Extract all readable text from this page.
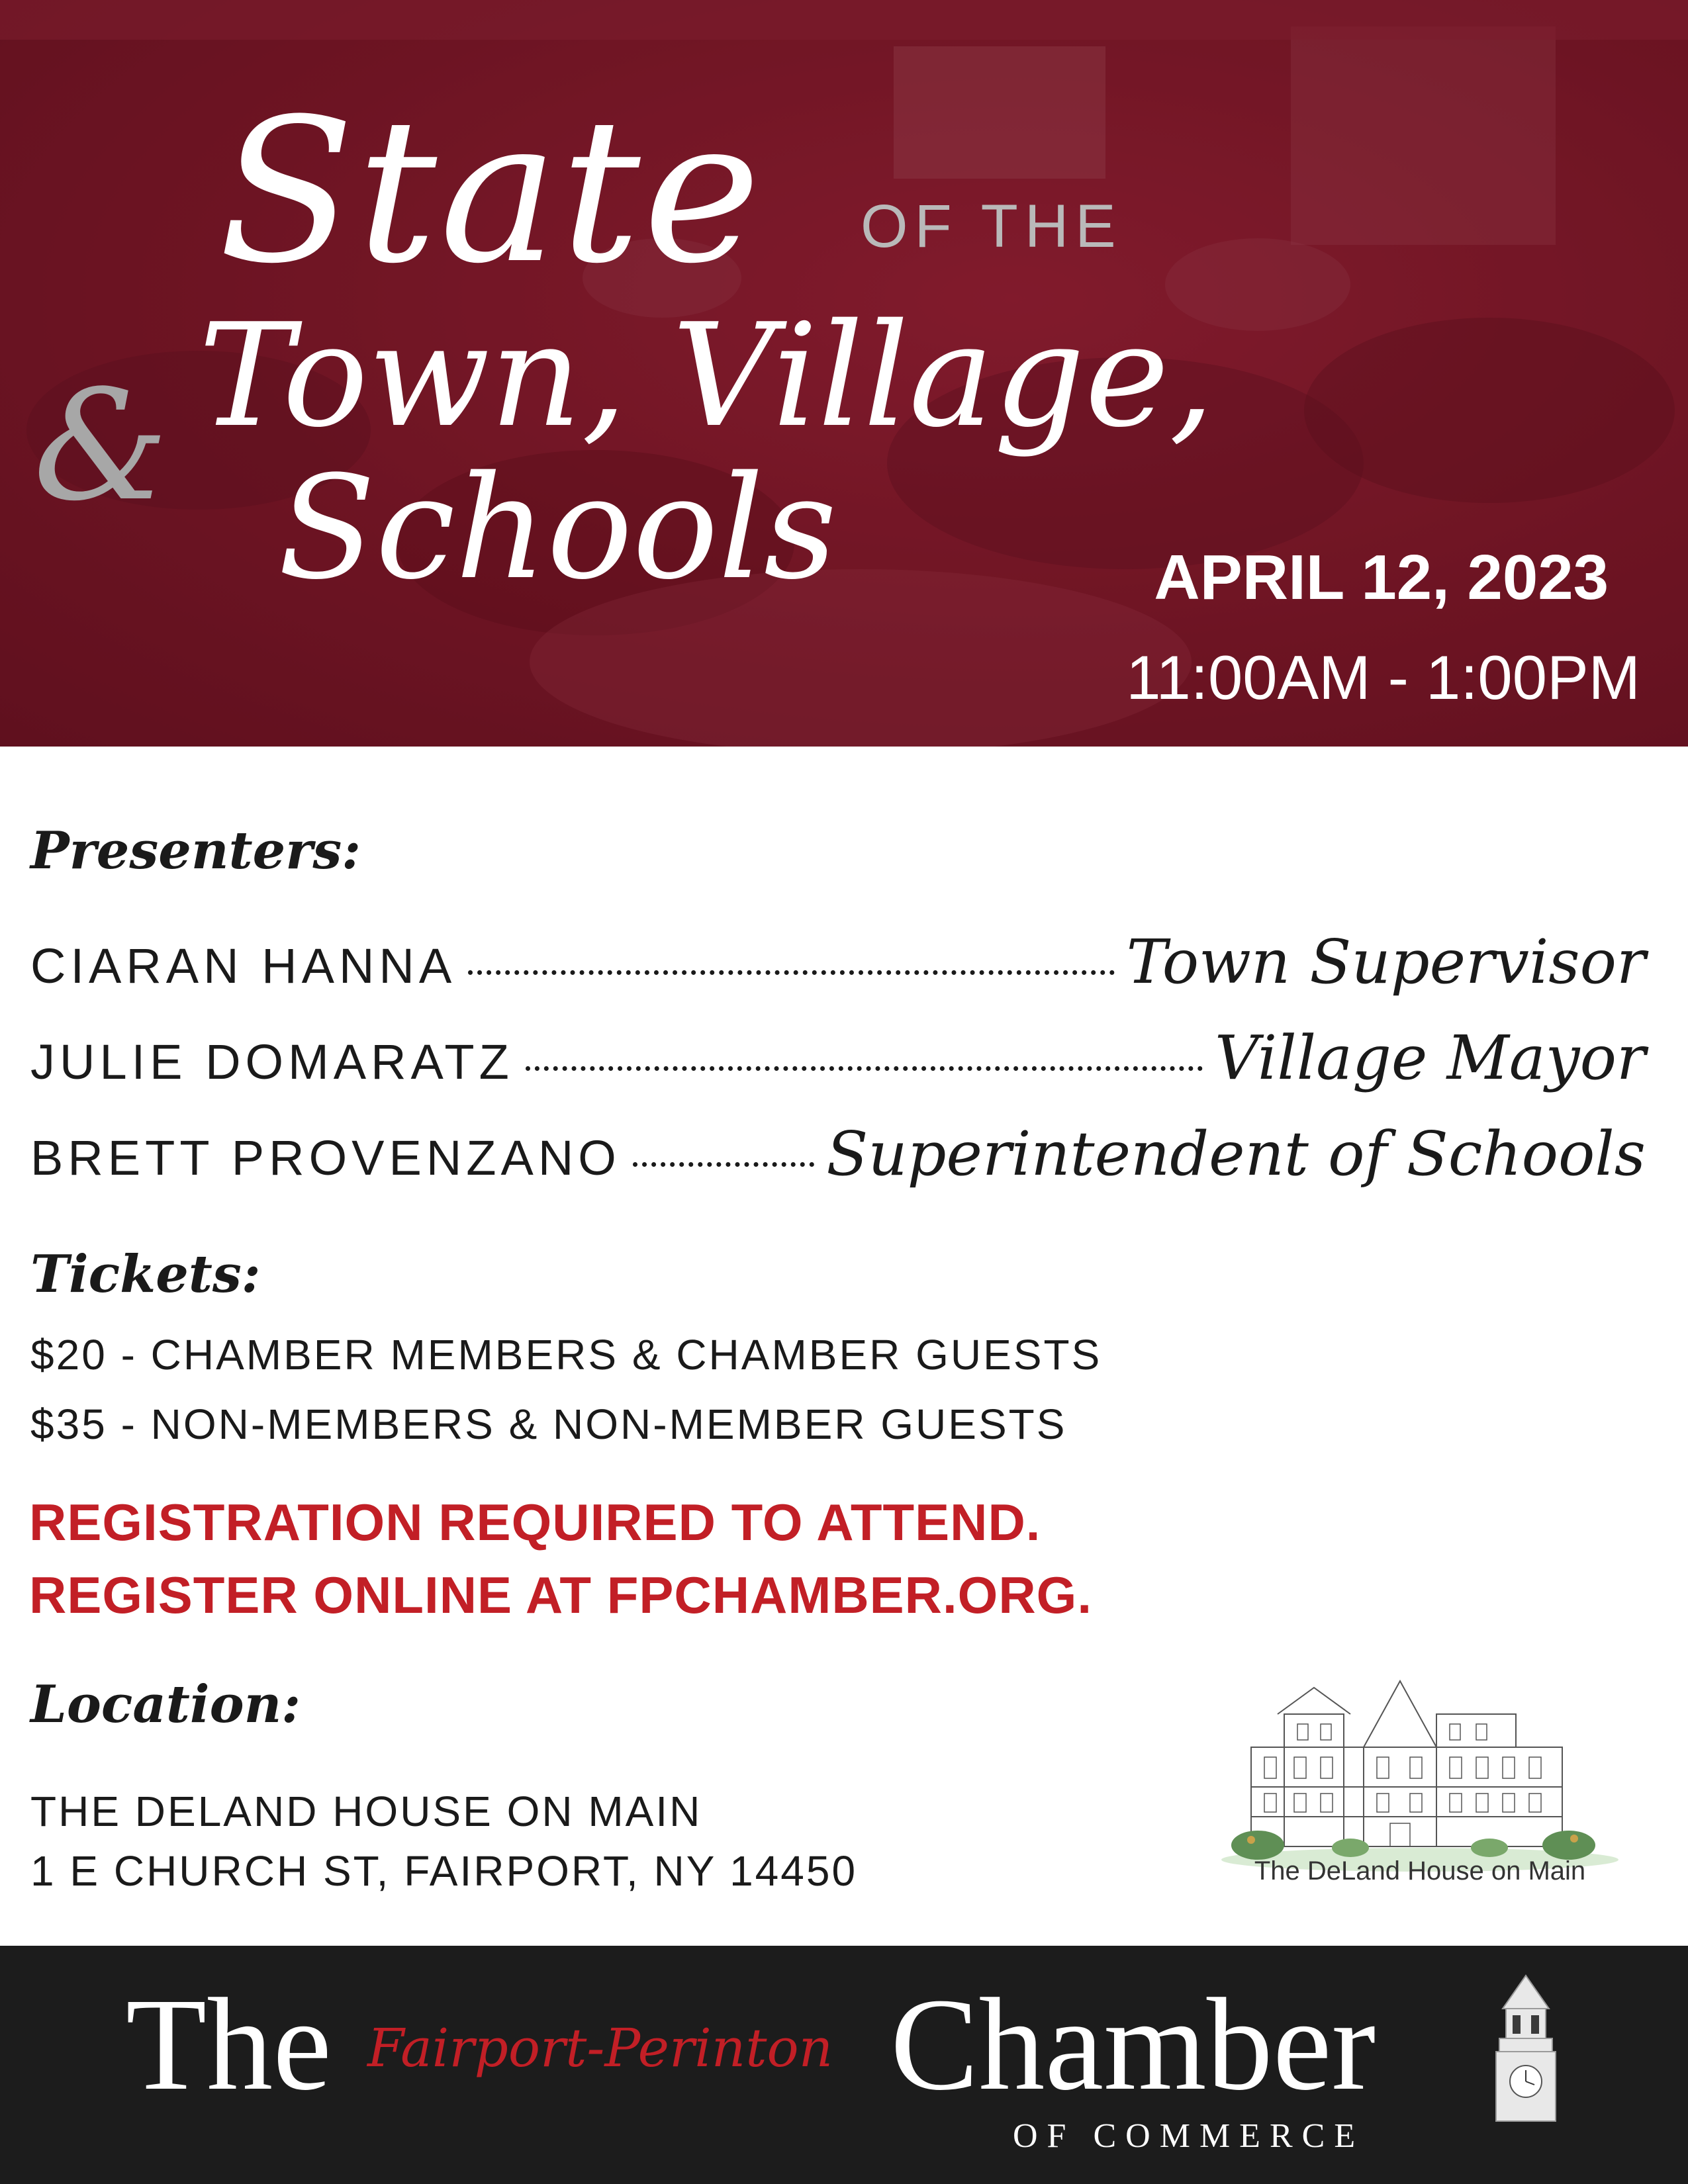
State OF THE
& Town, Village,
Schools	APRIL 12, 2023
11:00AM - 1:00PM
Presenters:
CIARAN HANNA	Town Supervisor
JULIE DOMARATZ	Village Mayor
BRETT PROVENZANO	Superintendent of Schools
Tickets:
$20 - CHAMBER MEMBERS & CHAMBER GUESTS
$35 - NON-MEMBERS & NON-MEMBER GUESTS
REGISTRATION REQUIRED TO ATTEND.
REGISTER ONLINE AT FPCHAMBER.ORG.
Location:
THE DELAND HOUSE ON MAIN
1 E CHURCH ST, FAIRPORT, NY 14450	The DeLand House on Main
The Fairport-Perinton Chamber
OF COMMERCE
